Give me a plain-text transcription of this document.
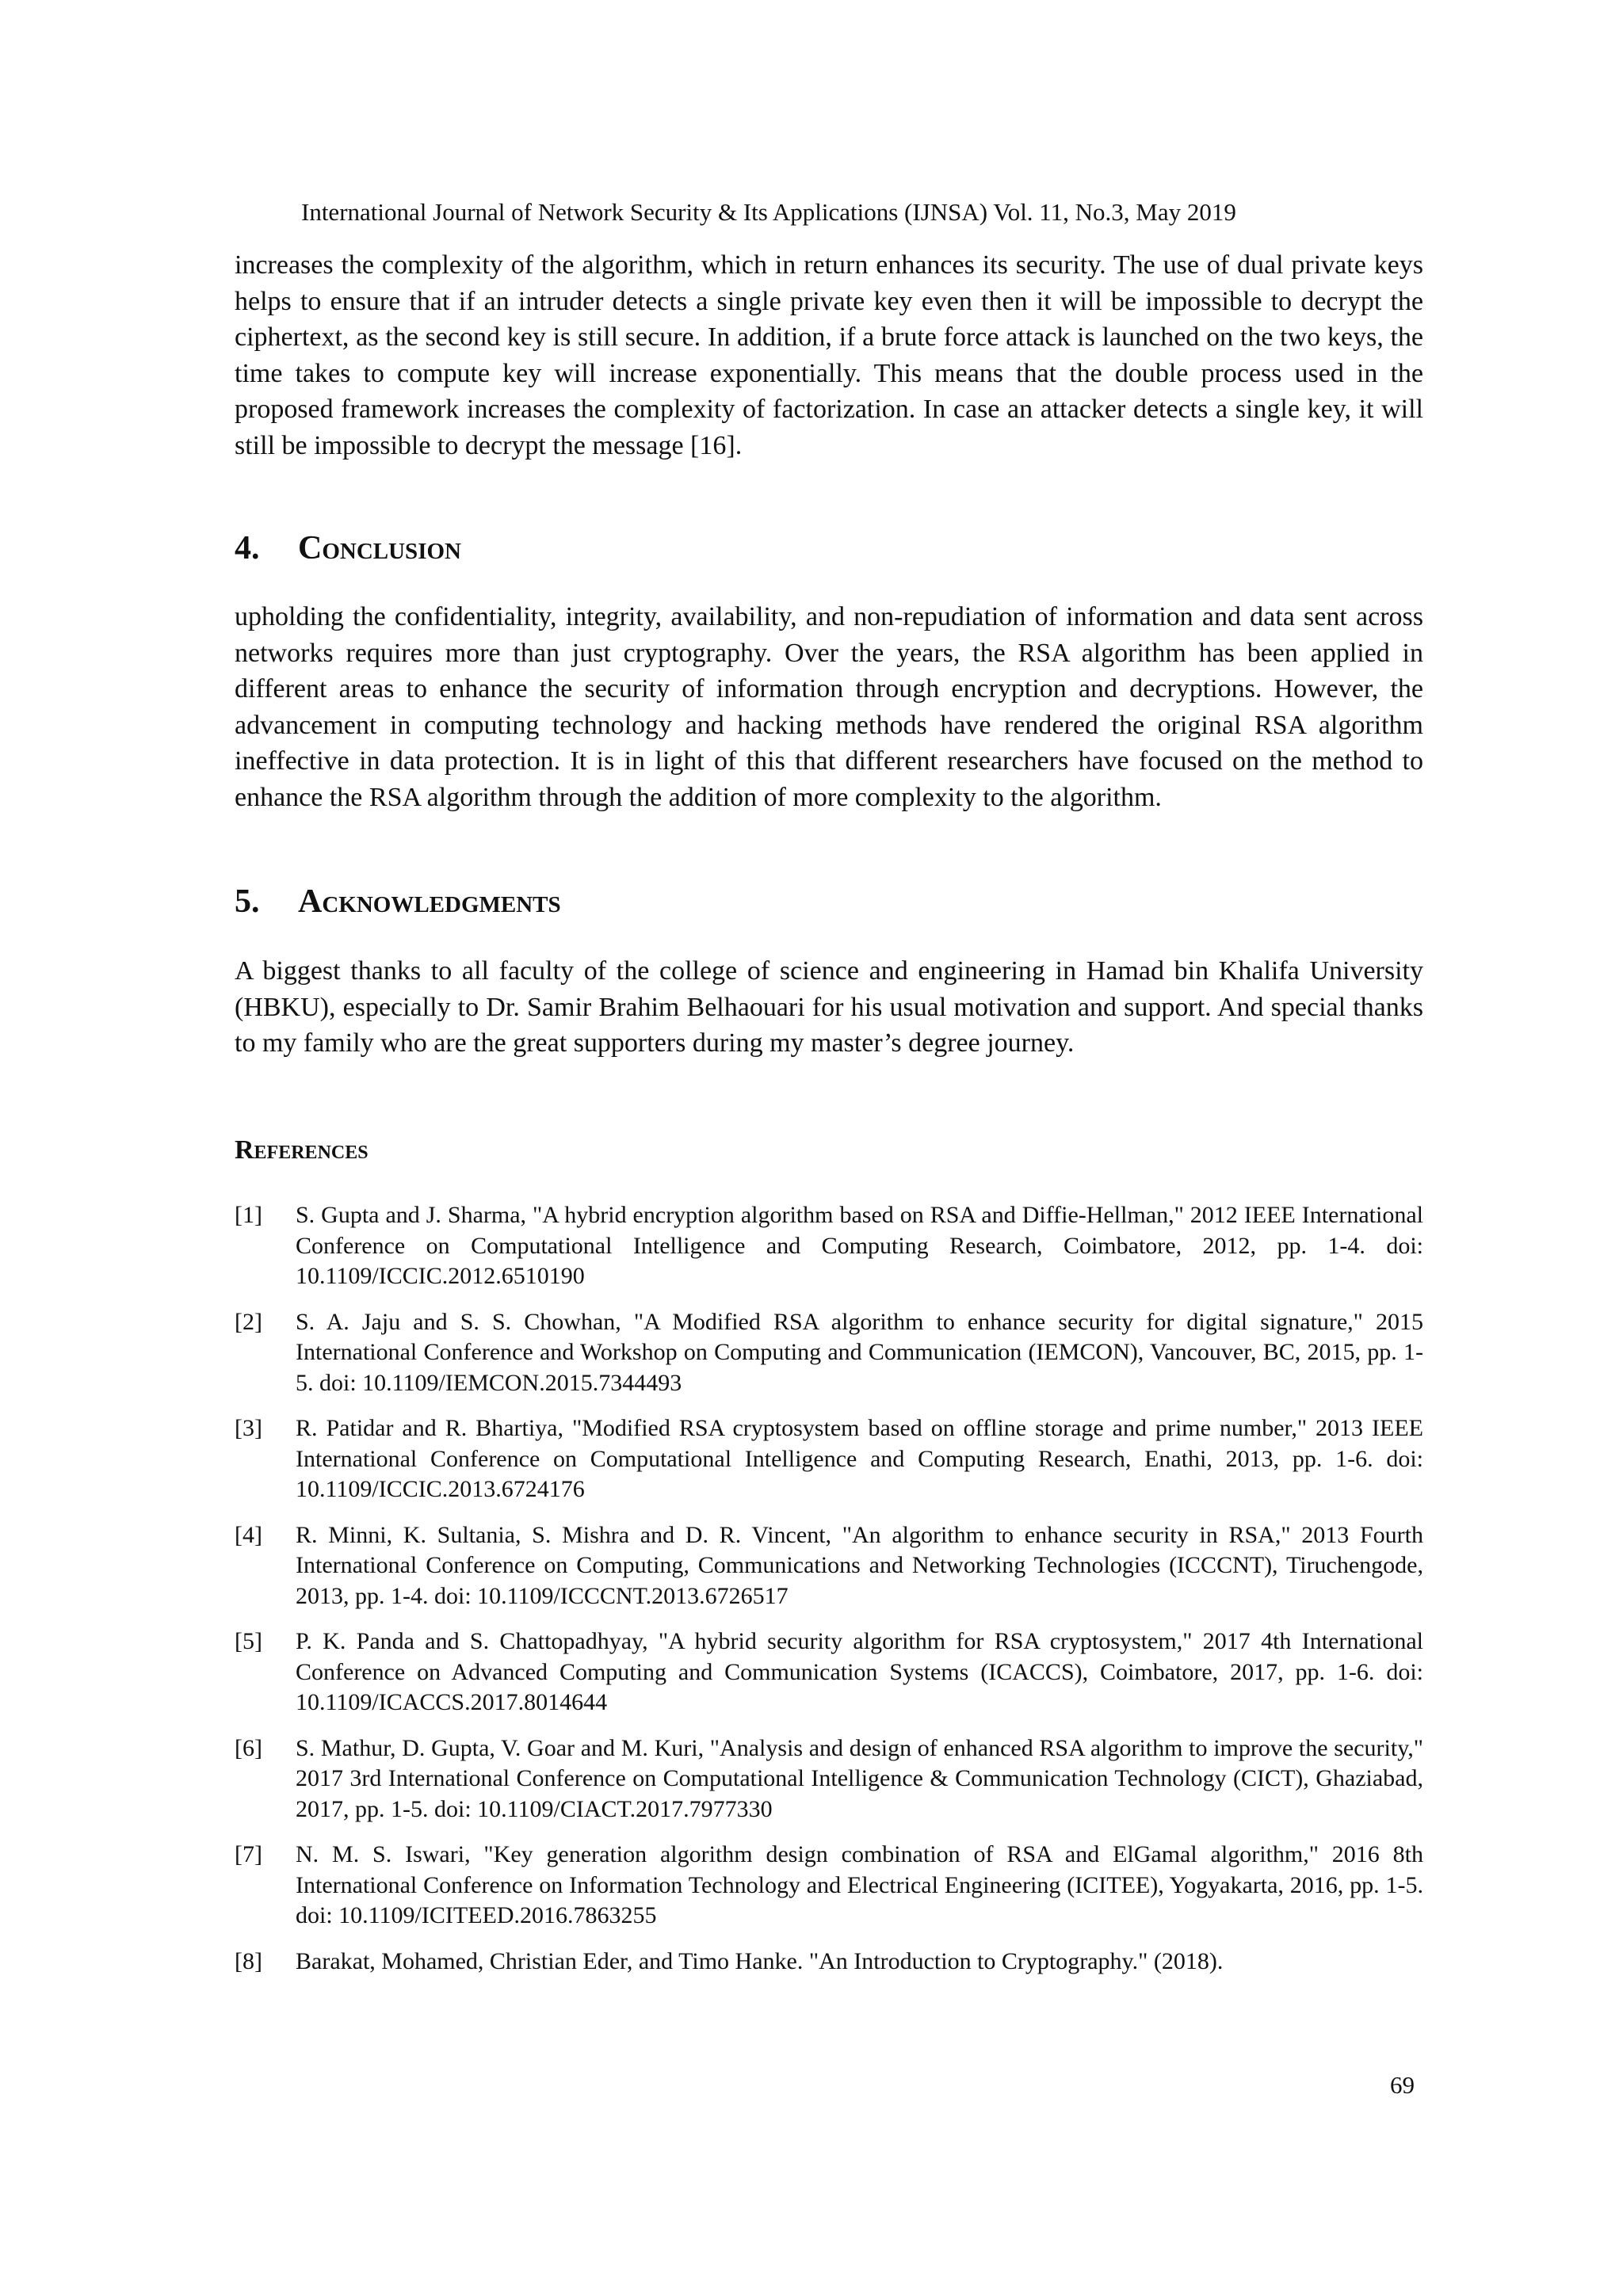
International Journal of Network Security & Its Applications (IJNSA) Vol. 11, No.3, May 2019

increases the complexity of the algorithm, which in return enhances its security. The use of dual private keys helps to ensure that if an intruder detects a single private key even then it will be impossible to decrypt the ciphertext, as the second key is still secure. In addition, if a brute force attack is launched on the two keys, the time takes to compute key will increase exponentially. This means that the double process used in the proposed framework increases the complexity of factorization. In case an attacker detects a single key, it will still be impossible to decrypt the message [16].

4. Conclusion

upholding the confidentiality, integrity, availability, and non-repudiation of information and data sent across networks requires more than just cryptography. Over the years, the RSA algorithm has been applied in different areas to enhance the security of information through encryption and decryptions. However, the advancement in computing technology and hacking methods have rendered the original RSA algorithm ineffective in data protection. It is in light of this that different researchers have focused on the method to enhance the RSA algorithm through the addition of more complexity to the algorithm.

5. Acknowledgments

A biggest thanks to all faculty of the college of science and engineering in Hamad bin Khalifa University (HBKU), especially to Dr. Samir Brahim Belhaouari for his usual motivation and support. And special thanks to my family who are the great supporters during my master’s degree journey.

References
[1]	S. Gupta and J. Sharma, "A hybrid encryption algorithm based on RSA and Diffie-Hellman," 2012 IEEE International Conference on Computational Intelligence and Computing Research, Coimbatore, 2012, pp. 1-4. doi: 10.1109/ICCIC.2012.6510190
[2]	S. A. Jaju and S. S. Chowhan, "A Modified RSA algorithm to enhance security for digital signature," 2015 International Conference and Workshop on Computing and Communication (IEMCON), Vancouver, BC, 2015, pp. 1-5. doi: 10.1109/IEMCON.2015.7344493
[3]	R. Patidar and R. Bhartiya, "Modified RSA cryptosystem based on offline storage and prime number," 2013 IEEE International Conference on Computational Intelligence and Computing Research, Enathi, 2013, pp. 1-6. doi: 10.1109/ICCIC.2013.6724176
[4]	R. Minni, K. Sultania, S. Mishra and D. R. Vincent, "An algorithm to enhance security in RSA," 2013 Fourth International Conference on Computing, Communications and Networking Technologies (ICCCNT), Tiruchengode, 2013, pp. 1-4. doi: 10.1109/ICCCNT.2013.6726517
[5]	P. K. Panda and S. Chattopadhyay, "A hybrid security algorithm for RSA cryptosystem," 2017 4th International Conference on Advanced Computing and Communication Systems (ICACCS), Coimbatore, 2017, pp. 1-6. doi: 10.1109/ICACCS.2017.8014644
[6]	S. Mathur, D. Gupta, V. Goar and M. Kuri, "Analysis and design of enhanced RSA algorithm to improve the security," 2017 3rd International Conference on Computational Intelligence & Communication Technology (CICT), Ghaziabad, 2017, pp. 1-5. doi: 10.1109/CIACT.2017.7977330
[7]	N. M. S. Iswari, "Key generation algorithm design combination of RSA and ElGamal algorithm," 2016 8th International Conference on Information Technology and Electrical Engineering (ICITEE), Yogyakarta, 2016, pp. 1-5. doi: 10.1109/ICITEED.2016.7863255
[8]	Barakat, Mohamed, Christian Eder, and Timo Hanke. "An Introduction to Cryptography." (2018).
69
